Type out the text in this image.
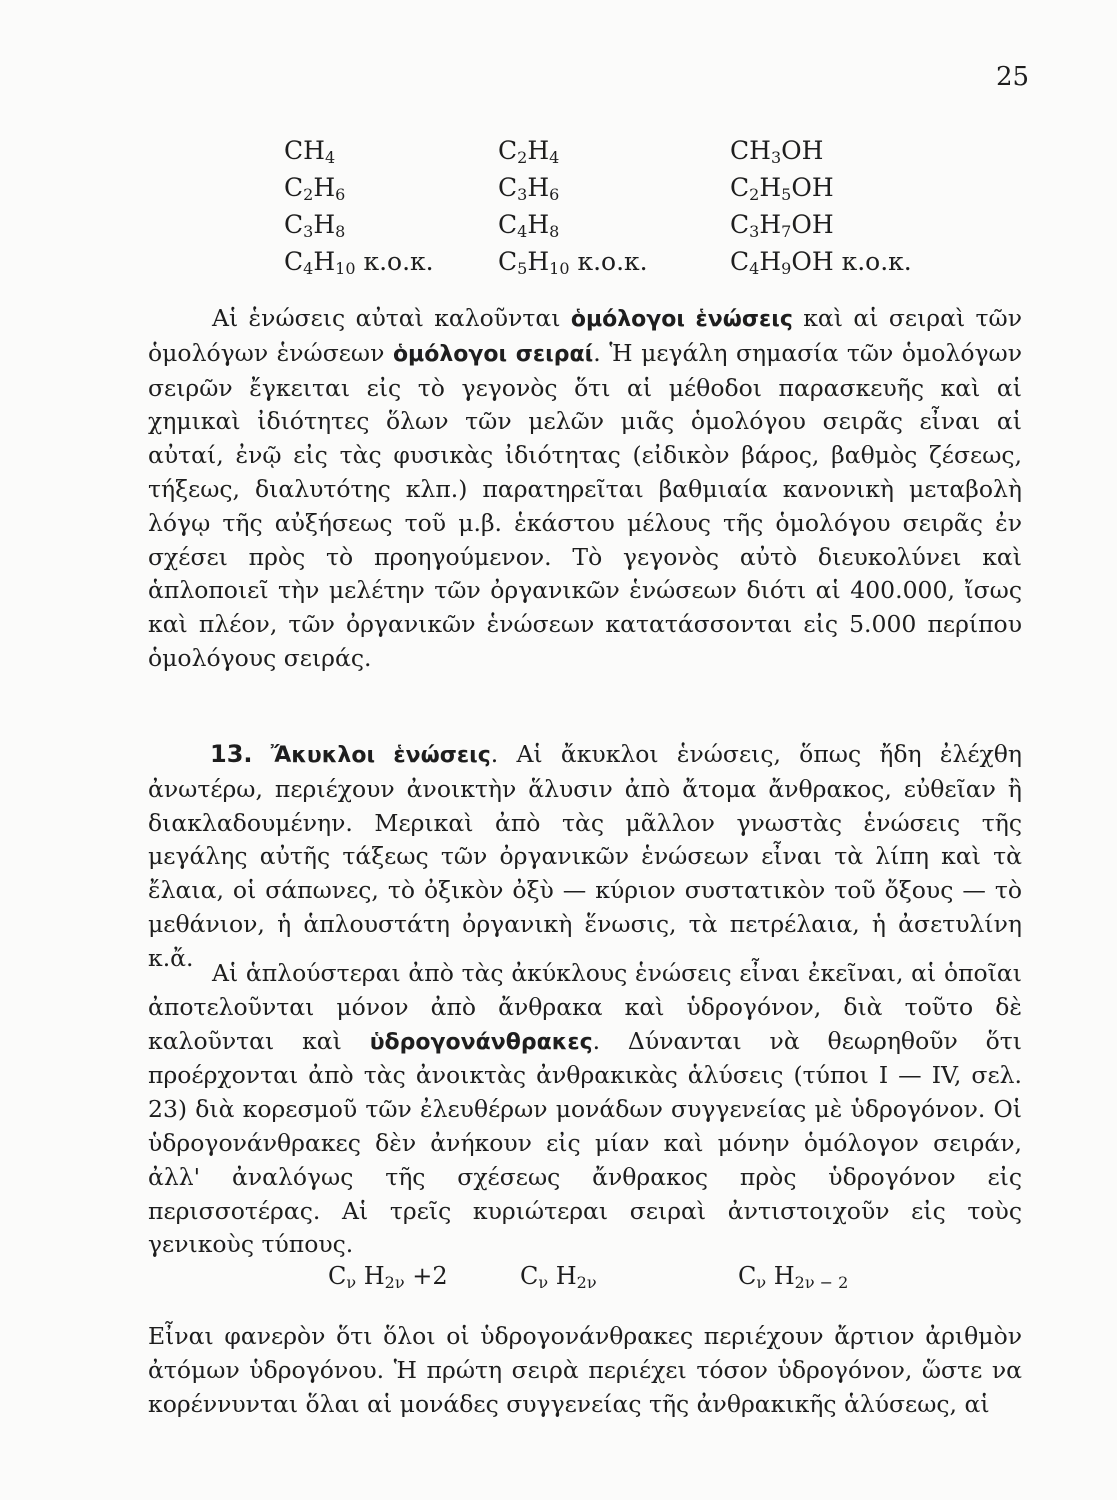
25
$CH_4$	$C_2H_4$	$CH_3OH$
$C_2H_6$	$C_3H_6$	$C_2H_5OH$
$C_3H_8$	$C_4H_8$	$C_3H_7OH$
$C_4H_{10}$ κ.ο.κ.	$C_5H_{10}$ κ.ο.κ.	$C_4H_9OH$ κ.ο.κ.
Αἱ ἑνώσεις αὐταὶ καλοῦνται ὁμόλογοι ἑνώσεις καὶ αἱ σειραὶ τῶν ὁμολόγων ἑνώσεων ὁμόλογοι σειραί. Ἡ μεγάλη σημασία τῶν ὁμολόγων σειρῶν ἔγκειται εἰς τὸ γεγονὸς ὅτι αἱ μέθοδοι παρασκευῆς καὶ αἱ χημικαὶ ἰδιότητες ὅλων τῶν μελῶν μιᾶς ὁμολόγου σειρᾶς εἶναι αἱ αὐταί, ἐνῷ εἰς τὰς φυσικὰς ἰδιότητας (εἰδικὸν βάρος, βαθμὸς ζέσεως, τήξεως, διαλυτότης κλπ.) παρατηρεῖται βαθμιαία κανονικὴ μεταβολὴ λόγῳ τῆς αὐξήσεως τοῦ μ.β. ἑκάστου μέλους τῆς ὁμολόγου σειρᾶς ἐν σχέσει πρὸς τὸ προηγούμενον. Τὸ γεγονὸς αὐτὸ διευκολύνει καὶ ἁπλοποιεῖ τὴν μελέτην τῶν ὀργανικῶν ἑνώσεων διότι αἱ 400.000, ἴσως καὶ πλέον, τῶν ὀργανικῶν ἑνώσεων κατατάσσονται εἰς 5.000 περίπου ὁμολόγους σειράς.
13. Ἄκυκλοι ἑνώσεις. Αἱ ἄκυκλοι ἑνώσεις, ὅπως ἤδη ἐλέχθη ἀνωτέρω, περιέχουν ἀνοικτὴν ἅλυσιν ἀπὸ ἄτομα ἄνθρακος, εὐθεῖαν ἢ διακλαδουμένην. Μερικαὶ ἀπὸ τὰς μᾶλλον γνωστὰς ἑνώσεις τῆς μεγάλης αὐτῆς τάξεως τῶν ὀργανικῶν ἑνώσεων εἶναι τὰ λίπη καὶ τὰ ἔλαια, οἱ σάπωνες, τὸ ὀξικὸν ὀξὺ — κύριον συστατικὸν τοῦ ὄξους — τὸ μεθάνιον, ἡ ἁπλουστάτη ὀργανικὴ ἕνωσις, τὰ πετρέλαια, ἡ ἀσετυλίνη κ.ἄ.
Αἱ ἁπλούστεραι ἀπὸ τὰς ἀκύκλους ἑνώσεις εἶναι ἐκεῖναι, αἱ ὁποῖαι ἀποτελοῦνται μόνον ἀπὸ ἄνθρακα καὶ ὑδρογόνον, διὰ τοῦτο δὲ καλοῦνται καὶ ὑδρογονάνθρακες. Δύνανται νὰ θεωρηθοῦν ὅτι προέρχονται ἀπὸ τὰς ἀνοικτὰς ἀνθρακικὰς ἁλύσεις (τύποι I — IV, σελ. 23) διὰ κορεσμοῦ τῶν ἐλευθέρων μονάδων συγγενείας μὲ ὑδρογόνον. Οἱ ὑδρογονάνθρακες δὲν ἀνήκουν εἰς μίαν καὶ μόνην ὁμόλογον σειράν, ἀλλ' ἀναλόγως τῆς σχέσεως ἄνθρακος πρὸς ὑδρογόνον εἰς περισσοτέρας. Αἱ τρεῖς κυριώτεραι σειραὶ ἀντιστοιχοῦν εἰς τοὺς γενικοὺς τύπους.
$C_\nu$ $H_{2\nu} +2$	$C_\nu$ $H_{2\nu}$	$C_\nu$ $H_{2\nu - 2}$
Εἶναι φανερὸν ὅτι ὅλοι οἱ ὑδρογονάνθρακες περιέχουν ἄρτιον ἀριθμὸν ἀτόμων ὑδρογόνου. Ἡ πρώτη σειρὰ περιέχει τόσον ὑδρογόνον, ὥστε να κορέννυνται ὅλαι αἱ μονάδες συγγενείας τῆς ἀνθρακικῆς ἁλύσεως, αἱ
